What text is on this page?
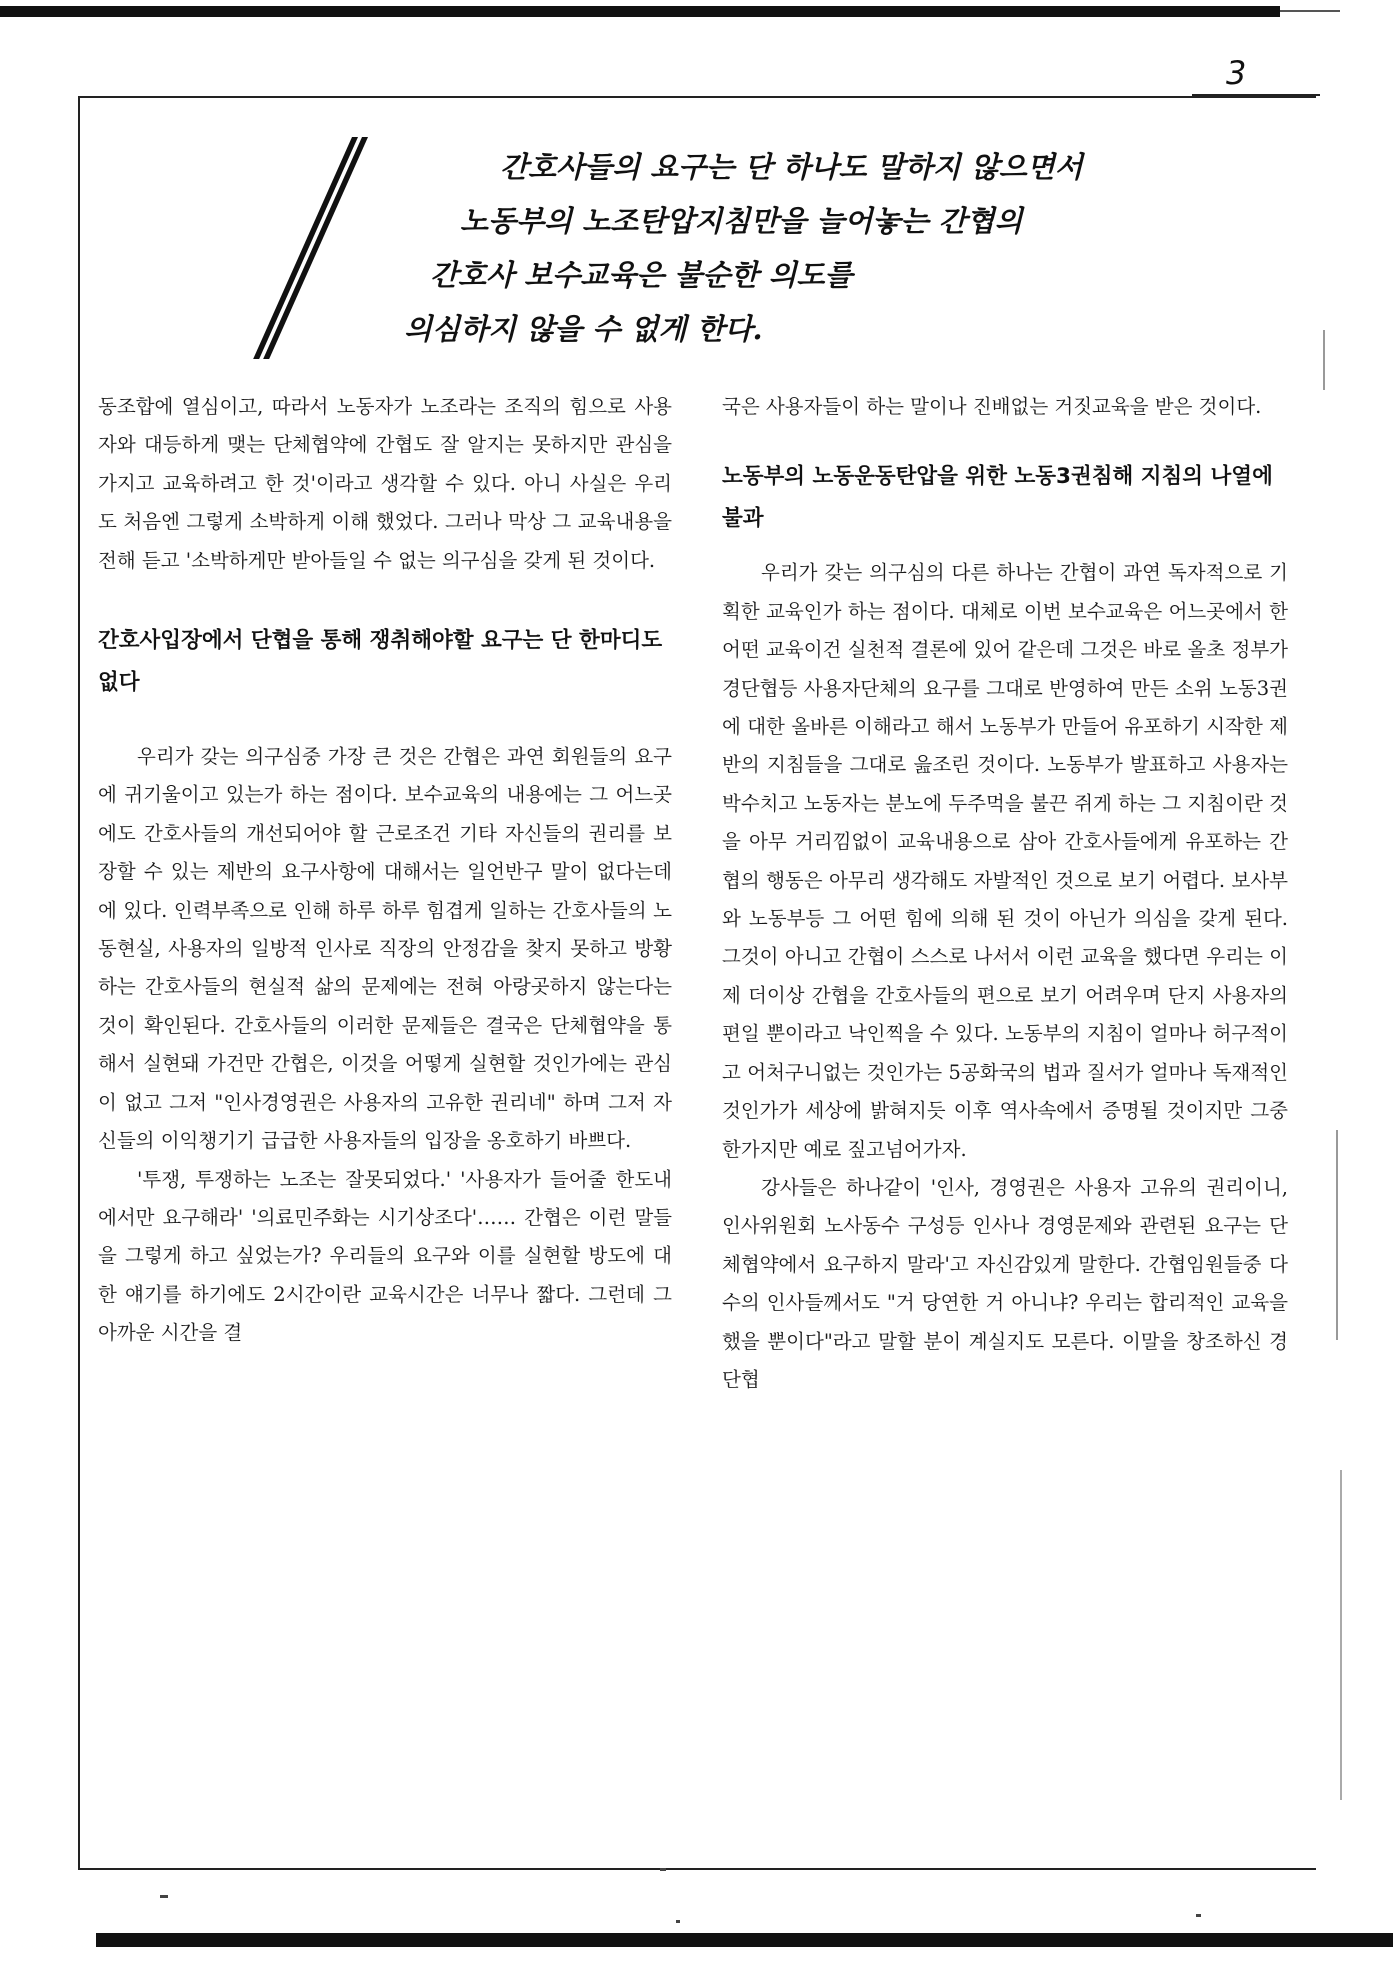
3
간호사들의 요구는 단 하나도 말하지 않으면서
노동부의 노조탄압지침만을 늘어놓는 간협의
간호사 보수교육은 불순한 의도를
의심하지 않을 수 없게 한다.

동조합에 열심이고, 따라서 노동자가 노조라는 조직의 힘으로 사용자와 대등하게 맺는 단체협약에 간협도 잘 알지는 못하지만 관심을 가지고 교육하려고 한 것'이라고 생각할 수 있다. 아니 사실은 우리도 처음엔 그렇게 소박하게 이해 했었다. 그러나 막상 그 교육내용을 전해 듣고 '소박하게만 받아들일 수 없는 의구심을 갖게 된 것이다.

간호사입장에서 단협을 통해 쟁취해야할 요구는 단 한마디도 없다

우리가 갖는 의구심중 가장 큰 것은 간협은 과연 회원들의 요구에 귀기울이고 있는가 하는 점이다. 보수교육의 내용에는 그 어느곳에도 간호사들의 개선되어야 할 근로조건 기타 자신들의 권리를 보장할 수 있는 제반의 요구사항에 대해서는 일언반구 말이 없다는데에 있다. 인력부족으로 인해 하루 하루 힘겹게 일하는 간호사들의 노동현실, 사용자의 일방적 인사로 직장의 안정감을 찾지 못하고 방황하는 간호사들의 현실적 삶의 문제에는 전혀 아랑곳하지 않는다는 것이 확인된다. 간호사들의 이러한 문제들은 결국은 단체협약을 통해서 실현돼 가건만 간협은, 이것을 어떻게 실현할 것인가에는 관심이 없고 그저 "인사경영권은 사용자의 고유한 권리네" 하며 그저 자신들의 이익챙기기 급급한 사용자들의 입장을 옹호하기 바쁘다.

'투쟁, 투쟁하는 노조는 잘못되었다.' '사용자가 들어줄 한도내에서만 요구해라' '의료민주화는 시기상조다'…… 간협은 이런 말들을 그렇게 하고 싶었는가? 우리들의 요구와 이를 실현할 방도에 대한 얘기를 하기에도 2시간이란 교육시간은 너무나 짧다. 그런데 그 아까운 시간을 결

국은 사용자들이 하는 말이나 진배없는 거짓교육을 받은 것이다.

노동부의 노동운동탄압을 위한 노동3권침해 지침의 나열에 불과

우리가 갖는 의구심의 다른 하나는 간협이 과연 독자적으로 기획한 교육인가 하는 점이다. 대체로 이번 보수교육은 어느곳에서 한 어떤 교육이건 실천적 결론에 있어 같은데 그것은 바로 올초 정부가 경단협등 사용자단체의 요구를 그대로 반영하여 만든 소위 노동3권에 대한 올바른 이해라고 해서 노동부가 만들어 유포하기 시작한 제반의 지침들을 그대로 읊조린 것이다. 노동부가 발표하고 사용자는 박수치고 노동자는 분노에 두주먹을 불끈 쥐게 하는 그 지침이란 것을 아무 거리낌없이 교육내용으로 삼아 간호사들에게 유포하는 간협의 행동은 아무리 생각해도 자발적인 것으로 보기 어렵다. 보사부와 노동부등 그 어떤 힘에 의해 된 것이 아닌가 의심을 갖게 된다. 그것이 아니고 간협이 스스로 나서서 이런 교육을 했다면 우리는 이제 더이상 간협을 간호사들의 편으로 보기 어려우며 단지 사용자의 편일 뿐이라고 낙인찍을 수 있다. 노동부의 지침이 얼마나 허구적이고 어처구니없는 것인가는 5공화국의 법과 질서가 얼마나 독재적인 것인가가 세상에 밝혀지듯 이후 역사속에서 증명될 것이지만 그중 한가지만 예로 짚고넘어가자.

강사들은 하나같이 '인사, 경영권은 사용자 고유의 권리이니, 인사위원회 노사동수 구성등 인사나 경영문제와 관련된 요구는 단체협약에서 요구하지 말라'고 자신감있게 말한다. 간협임원들중 다수의 인사들께서도 "거 당연한 거 아니냐? 우리는 합리적인 교육을 했을 뿐이다"라고 말할 분이 계실지도 모른다. 이말을 창조하신 경단협
